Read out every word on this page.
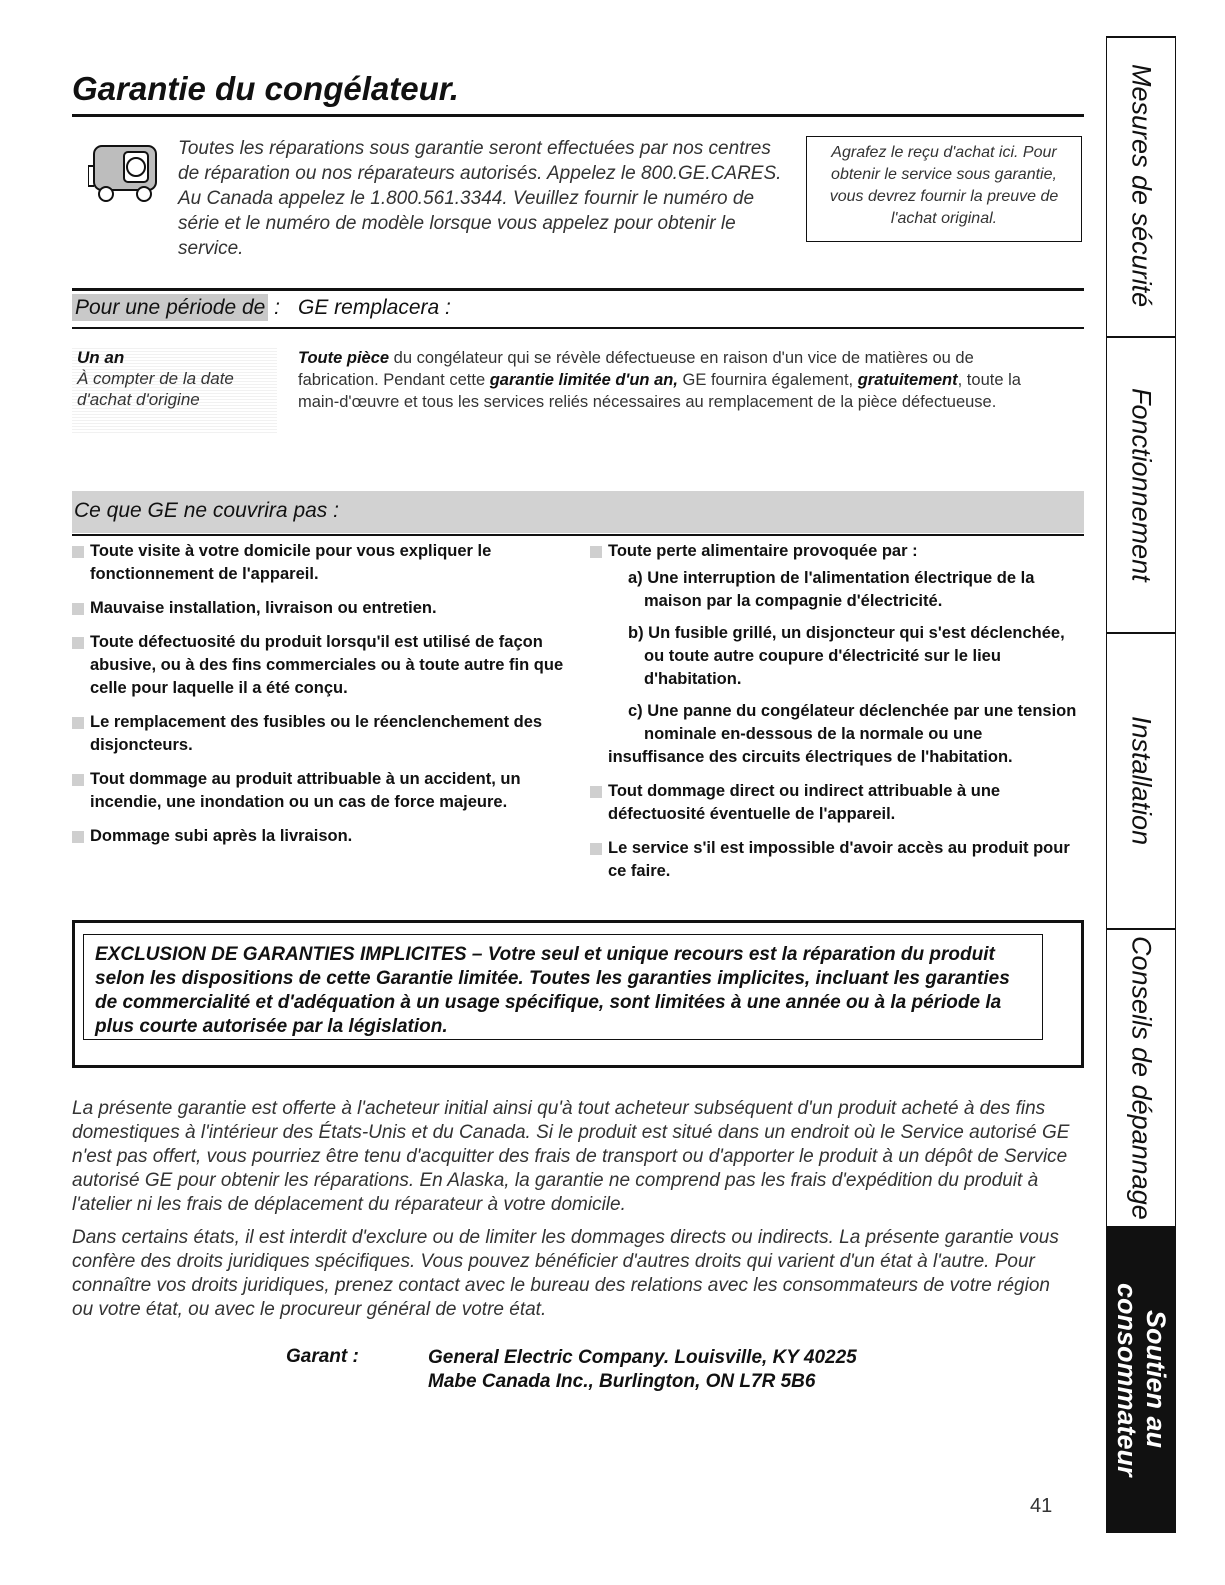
Garantie du congélateur.
Toutes les réparations sous garantie seront effectuées par nos centres de réparation ou nos réparateurs autorisés. Appelez le 800.GE.CARES. Au Canada appelez le 1.800.561.3344. Veuillez fournir le numéro de série et le numéro de modèle lorsque vous appelez pour obtenir le service.
Agrafez le reçu d'achat ici. Pour obtenir le service sous garantie, vous devrez fournir la preuve de l'achat original.
Pour une période de : GE remplacera :
Un an
À compter de la date
d'achat d'origine
Toute pièce du congélateur qui se révèle défectueuse en raison d'un vice de matières ou de fabrication. Pendant cette garantie limitée d'un an, GE fournira également, gratuitement, toute la main-d'œuvre et tous les services reliés nécessaires au remplacement de la pièce défectueuse.
Ce que GE ne couvrira pas :
Toute visite à votre domicile pour vous expliquer le fonctionnement de l'appareil.
Mauvaise installation, livraison ou entretien.
Toute défectuosité du produit lorsqu'il est utilisé de façon abusive, ou à des fins commerciales ou à toute autre fin que celle pour laquelle il a été conçu.
Le remplacement des fusibles ou le réenclenchement des disjoncteurs.
Tout dommage au produit attribuable à un accident, un incendie, une inondation ou un cas de force majeure.
Dommage subi après la livraison.
Toute perte alimentaire provoquée par :
a) Une interruption de l'alimentation électrique de la maison par la compagnie d'électricité.
b) Un fusible grillé, un disjoncteur qui s'est déclenchée, ou toute autre coupure d'électricité sur le lieu d'habitation.
c) Une panne du congélateur déclenchée par une tension nominale en-dessous de la normale ou une
insuffisance des circuits électriques de l'habitation.
Tout dommage direct ou indirect attribuable à une défectuosité éventuelle de l'appareil.
Le service s'il est impossible d'avoir accès au produit pour ce faire.
EXCLUSION DE GARANTIES IMPLICITES – Votre seul et unique recours est la réparation du produit selon les dispositions de cette Garantie limitée. Toutes les garanties implicites, incluant les garanties de commercialité et d'adéquation à un usage spécifique, sont limitées à une année ou à la période la plus courte autorisée par la législation.
La présente garantie est offerte à l'acheteur initial ainsi qu'à tout acheteur subséquent d'un produit acheté à des fins domestiques à l'intérieur des États-Unis et du Canada. Si le produit est situé dans un endroit où le Service autorisé GE n'est pas offert, vous pourriez être tenu d'acquitter des frais de transport ou d'apporter le produit à un dépôt de Service autorisé GE pour obtenir les réparations. En Alaska, la garantie ne comprend pas les frais d'expédition du produit à l'atelier ni les frais de déplacement du réparateur à votre domicile.
Dans certains états, il est interdit d'exclure ou de limiter les dommages directs ou indirects. La présente garantie vous confère des droits juridiques spécifiques. Vous pouvez bénéficier d'autres droits qui varient d'un état à l'autre. Pour connaître vos droits juridiques, prenez contact avec le bureau des relations avec les consommateurs de votre région ou votre état, ou avec le procureur général de votre état.
Garant :	General Electric Company. Louisville, KY 40225
Mabe Canada Inc., Burlington, ON L7R 5B6
41
Mesures de sécurité
Fonctionnement
Installation
Conseils de dépannage
Soutien au
consommateur
